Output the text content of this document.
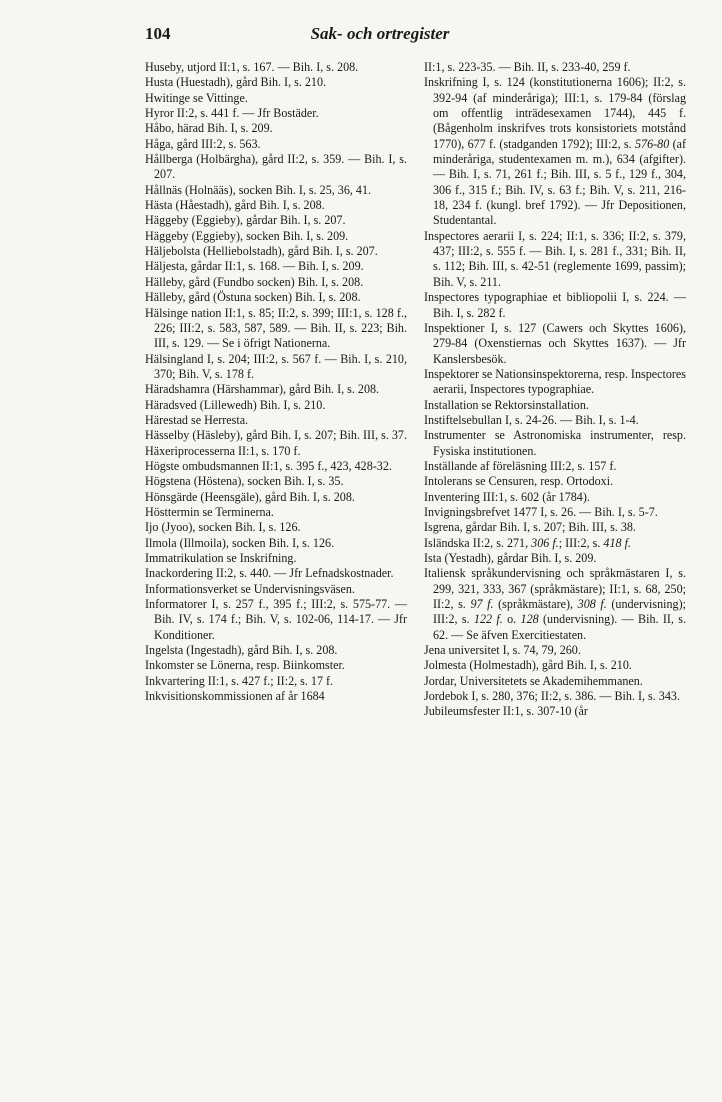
104	Sak- och ortregister

Huseby, utjord II:1, s. 167. — Bih. I, s. 208.

Husta (Huestadh), gård Bih. I, s. 210.

Hwitinge se Vittinge.

Hyror II:2, s. 441 f. — Jfr Bostäder.

Håbo, härad Bih. I, s. 209.

Håga, gård III:2, s. 563.

Hållberga (Holbärgha), gård II:2, s. 359. — Bih. I, s. 207.

Hållnäs (Holnääs), socken Bih. I, s. 25, 36, 41.

Hästa (Håestadh), gård Bih. I, s. 208.

Häggeby (Eggieby), gårdar Bih. I, s. 207.

Häggeby (Eggieby), socken Bih. I, s. 209.

Häljebolsta (Helliebolstadh), gård Bih. I, s. 207.

Häljesta, gårdar II:1, s. 168. — Bih. I, s. 209.

Hälleby, gård (Fundbo socken) Bih. I, s. 208.

Hälleby, gård (Östuna socken) Bih. I, s. 208.

Hälsinge nation II:1, s. 85; II:2, s. 399; III:1, s. 128 f., 226; III:2, s. 583, 587, 589. — Bih. II, s. 223; Bih. III, s. 129. — Se i öfrigt Nationerna.

Hälsingland I, s. 204; III:2, s. 567 f. — Bih. I, s. 210, 370; Bih. V, s. 178 f.

Häradshamra (Härshammar), gård Bih. I, s. 208.

Häradsved (Lillewedh) Bih. I, s. 210.

Härestad se Herresta.

Hässelby (Häsleby), gård Bih. I, s. 207; Bih. III, s. 37.

Häxeriprocesserna II:1, s. 170 f.

Högste ombudsmannen II:1, s. 395 f., 423, 428-32.

Högstena (Höstena), socken Bih. I, s. 35.

Hönsgärde (Heensgäle), gård Bih. I, s. 208.

Hösttermin se Terminerna.

Ijo (Jyoo), socken Bih. I, s. 126.

Ilmola (Illmoila), socken Bih. I, s. 126.

Immatrikulation se Inskrifning.

Inackordering II:2, s. 440. — Jfr Lefnadskostnader.

Informationsverket se Undervisningsväsen.

Informatorer I, s. 257 f., 395 f.; III:2, s. 575-77. — Bih. IV, s. 174 f.; Bih. V, s. 102-06, 114-17. — Jfr Konditioner.

Ingelsta (Ingestadh), gård Bih. I, s. 208.

Inkomster se Lönerna, resp. Biinkomster.

Inkvartering II:1, s. 427 f.; II:2, s. 17 f.

Inkvisitionskommissionen af år 1684

II:1, s. 223-35. — Bih. II, s. 233-40, 259 f.

Inskrifning I, s. 124 (konstitutionerna 1606); II:2, s. 392-94 (af minderåriga); III:1, s. 179-84 (förslag om offentlig inträdesexamen 1744), 445 f. (Bågenholm inskrifves trots konsistoriets motstånd 1770), 677 f. (stadganden 1792); III:2, s. 576-80 (af minderåriga, studentexamen m. m.), 634 (afgifter). — Bih. I, s. 71, 261 f.; Bih. III, s. 5 f., 129 f., 304, 306 f., 315 f.; Bih. IV, s. 63 f.; Bih. V, s. 211, 216-18, 234 f. (kungl. bref 1792). — Jfr Depositionen, Studentantal.

Inspectores aerarii I, s. 224; II:1, s. 336; II:2, s. 379, 437; III:2, s. 555 f. — Bih. I, s. 281 f., 331; Bih. II, s. 112; Bih. III, s. 42-51 (reglemente 1699, passim); Bih. V, s. 211.

Inspectores typographiae et bibliopolii I, s. 224. — Bih. I, s. 282 f.

Inspektioner I, s. 127 (Cawers och Skyttes 1606), 279-84 (Oxenstiernas och Skyttes 1637). — Jfr Kanslersbesök.

Inspektorer se Nationsinspektorerna, resp. Inspectores aerarii, Inspectores typographiae.

Installation se Rektorsinstallation.

Instiftelsebullan I, s. 24-26. — Bih. I, s. 1-4.

Instrumenter se Astronomiska instrumenter, resp. Fysiska institutionen.

Inställande af föreläsning III:2, s. 157 f.

Intolerans se Censuren, resp. Ortodoxi.

Inventering III:1, s. 602 (år 1784).

Invigningsbrefvet 1477 I, s. 26. — Bih. I, s. 5-7.

Isgrena, gårdar Bih. I, s. 207; Bih. III, s. 38.

Isländska II:2, s. 271, 306 f.; III:2, s. 418 f.

Ista (Yestadh), gårdar Bih. I, s. 209.

Italiensk språkundervisning och språkmästaren I, s. 299, 321, 333, 367 (språkmästare); II:1, s. 68, 250; II:2, s. 97 f. (språkmästare), 308 f. (undervisning); III:2, s. 122 f. o. 128 (undervisning). — Bih. II, s. 62. — Se äfven Exercitiestaten.

Jena universitet I, s. 74, 79, 260.

Jolmesta (Holmestadh), gård Bih. I, s. 210.

Jordar, Universitetets se Akademihemmanen.

Jordebok I, s. 280, 376; II:2, s. 386. — Bih. I, s. 343.

Jubileumsfester II:1, s. 307-10 (år
